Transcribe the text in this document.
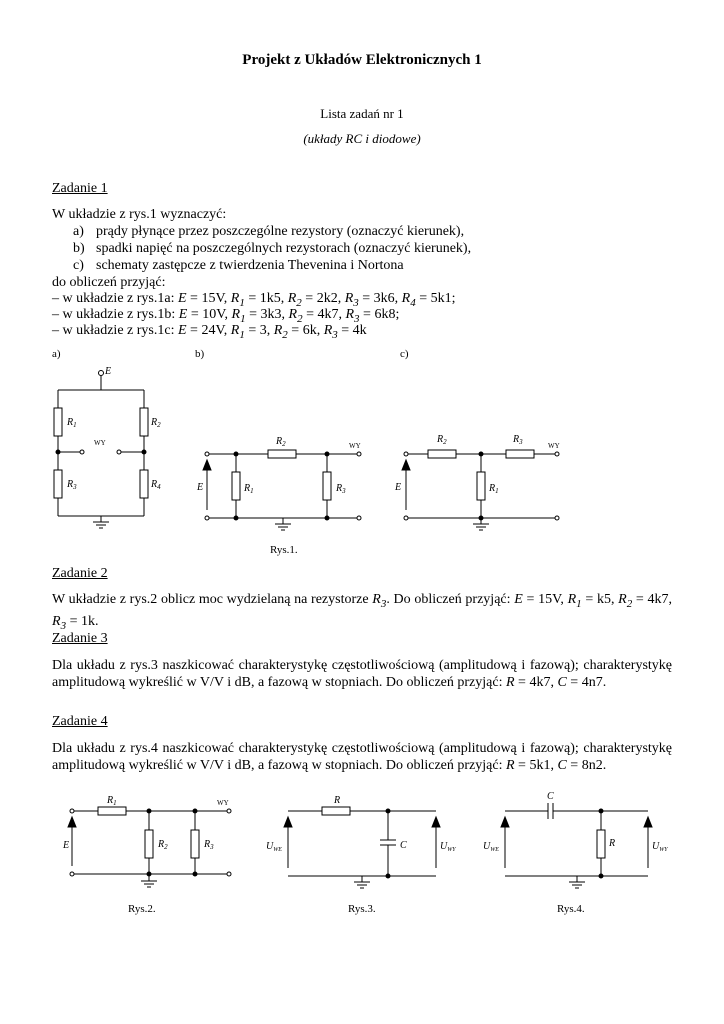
Projekt z Układów Elektronicznych 1
Lista zadań nr 1
(układy RC i diodowe)
Zadanie 1
W układzie z rys.1 wyznaczyć:
a) prądy płynące przez poszczególne rezystory (oznaczyć kierunek),
b) spadki napięć na poszczególnych rezystorach (oznaczyć kierunek),
c) schematy zastępcze z twierdzenia Thevenina i Nortona
do obliczeń przyjąć:
– w układzie z rys.1a: E = 15V, $R_1 = 1k5$, $R_2 = 2k2$, $R_3 = 3k6$, $R_4 = 5k1$;
– w układzie z rys.1b: E = 10V, $R_1 = 3k3$, $R_2 = 4k7$, $R_3 = 6k8$;
– w układzie z rys.1c: E = 24V, $R_1 = 3$, $R_2 = 6k$, $R_3 = 4k$
a)	b)	c)
E
$R_1$
$R_3$
$R_2$
$R_4$
WY
E	$R_1$
$R_2$
$R_3$
WY
E	$R_1$
$R_2$	$R_3$	WY
Rys.1.
Zadanie 2
W układzie z rys.2 oblicz moc wydzielaną na rezystorze $R_3$. Do obliczeń przyjąć: E = 15V, $R_1 = k5$, $R_2 = 4k7$, $R_3 = 1k$.
Zadanie 3
Dla układu z rys.3 naszkicować charakterystykę częstotliwościową (amplitudową i fazową); charakterystykę amplitudową wykreślić w V/V i dB, a fazową w stopniach. Do obliczeń przyjąć: R = 4k7, C = 4n7.
Zadanie 4
Dla układu z rys.4 naszkicować charakterystykę częstotliwościową (amplitudową i fazową); charakterystykę amplitudową wykreślić w V/V i dB, a fazową w stopniach. Do obliczeń przyjąć: R = 5k1, C = 8n2.
E
$R_1$
$R_2$	$R_3$
WY
Rys.2.
R
C
$U_{WE}$	$U_{WY}$
Rys.3.
C
R
$U_{WE}$	$U_{WY}$
Rys.4.
